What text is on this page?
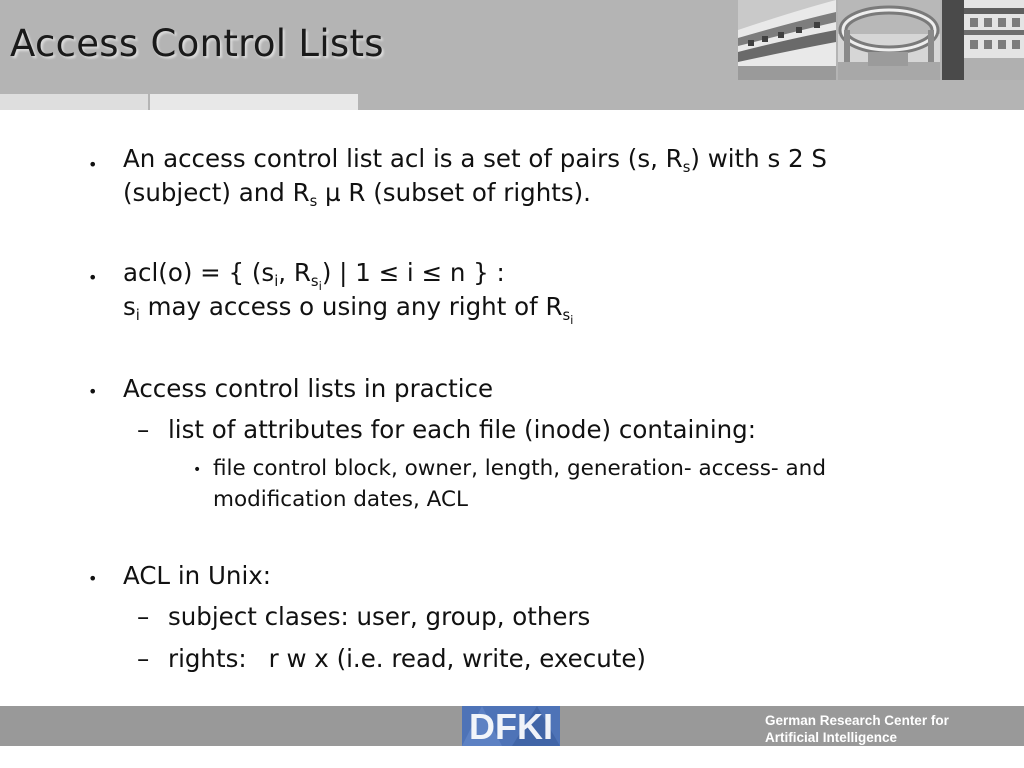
Access Control Lists
• An access control list acl is a set of pairs (s, $R_s$) with s 2 S
(subject) and $R_s$ µ R (subset of rights).
• acl(o) = { ($s_i$, $R_{s_i}$) | 1 ≤ i ≤ n } :
$s_i$ may access o using any right of $R_{s_i}$
• Access control lists in practice
– list of attributes for each file (inode) containing:
• file control block, owner, length, generation- access- and
modification dates, ACL
• ACL in Unix:
– subject clases: user, group, others
– rights: r w x (i.e. read, write, execute)
DFKI	German Research Center for
Artificial Intelligence
